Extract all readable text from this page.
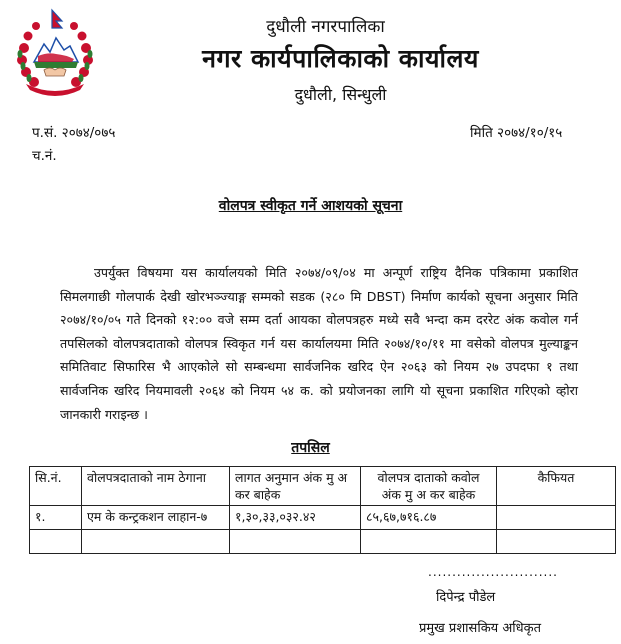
दुधौली नगरपालिका
नगर कार्यपालिकाको कार्यालय
दुधौली, सिन्धुली
प.सं. २०७४/०७५
च.नं.
मिति २०७४/१०/१५
वोलपत्र स्वीकृत गर्ने आशयको सूचना
उपर्युक्त विषयमा यस कार्यालयको मिति २०७४/०९/०४ मा अन्पूर्ण राष्ट्रिय दैनिक पत्रिकामा प्रकाशित सिमलगाछी गोलपार्क देखी खोरभञ्ज्याङ्ग सम्मको सडक (२८० मि DBST) निर्माण कार्यको सूचना अनुसार मिति २०७४/१०/०५ गते दिनको १२:०० वजे सम्म दर्ता आयका वोलपत्रहरु मध्ये सवै भन्दा कम दररेट अंक कवोल गर्न तपसिलको वोलपत्रदाताको वोलपत्र स्विकृत गर्न यस कार्यालयमा मिति २०७४/१०/११ मा वसेको वोलपत्र मुल्याङ्कन समितिवाट सिफारिस भै आएकोले सो सम्बन्धमा सार्वजनिक खरिद ऐन २०६३ को नियम २७ उपदफा १ तथा सार्वजनिक खरिद नियमावली २०६४ को नियम ५४ क. को प्रयोजनका लागि यो सूचना प्रकाशित गरिएको व्होरा जानकारी गराइन्छ ।
तपसिल
सि.नं.	वोलपत्रदाताको नाम ठेगाना	लागत अनुमान अंक मु अ कर बाहेक	वोलपत्र दाताको कवोल अंक मु अ कर बाहेक	कैफियत
१.	एम के कन्ट्रकशन लाहान-७	१,३०,३३,०३२.४२	८५,६७,७१६.८७	

...........................
दिपेन्द्र पौडेल
प्रमुख प्रशासकिय अधिकृत
